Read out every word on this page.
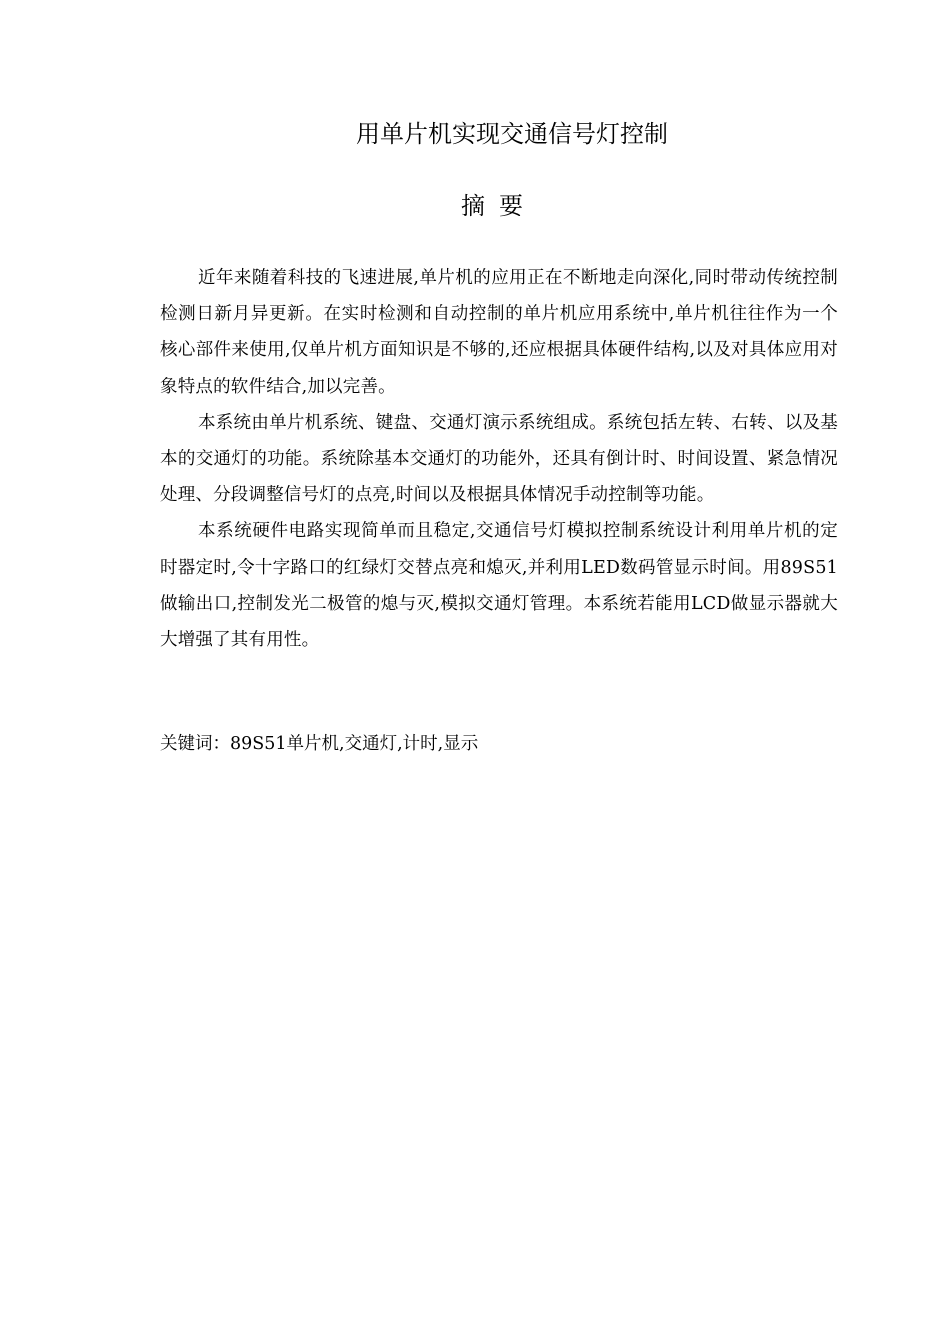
用单片机实现交通信号灯控制
摘要

近年来随着科技的飞速进展,单片机的应用正在不断地走向深化,同时带动传统控制检测日新月异更新。在实时检测和自动控制的单片机应用系统中,单片机往往作为一个核心部件来使用,仅单片机方面知识是不够的,还应根据具体硬件结构,以及对具体应用对象特点的软件结合,加以完善。

本系统由单片机系统、键盘、交通灯演示系统组成。系统包括左转、右转、以及基本的交通灯的功能。系统除基本交通灯的功能外，还具有倒计时、时间设置、紧急情况处理、分段调整信号灯的点亮,时间以及根据具体情况手动控制等功能。

本系统硬件电路实现简单而且稳定,交通信号灯模拟控制系统设计利用单片机的定时器定时,令十字路口的红绿灯交替点亮和熄灭,并利用LED数码管显示时间。用89S51做输出口,控制发光二极管的熄与灭,模拟交通灯管理。本系统若能用LCD做显示器就大大增强了其有用性。

关键词：89S51单片机,交通灯,计时,显示
